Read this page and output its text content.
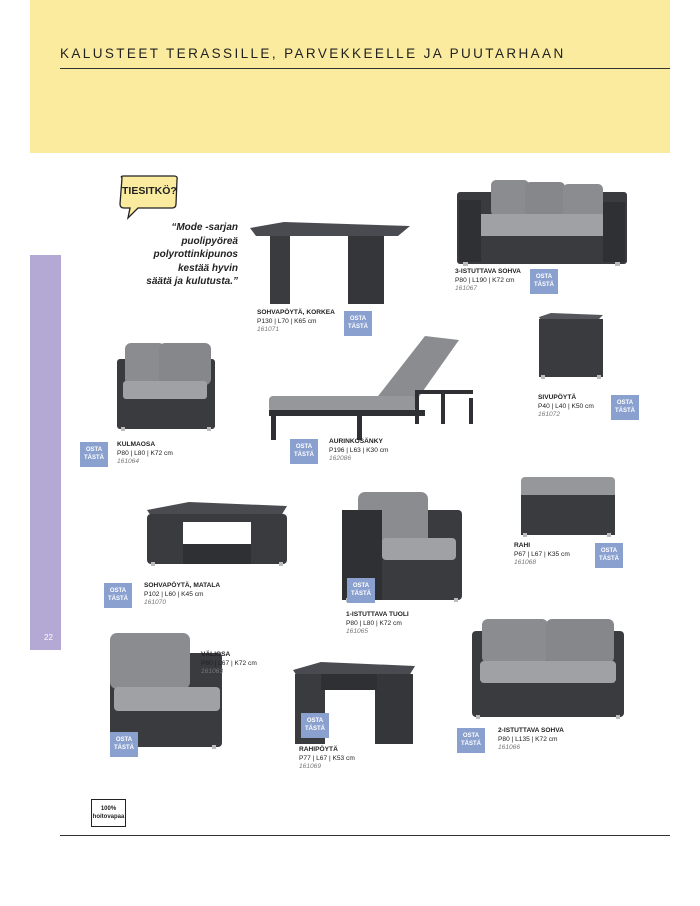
KALUSTEET TERASSILLE, PARVEKKEELLE JA PUUTARHAAN
22
TIESITKÖ?
“Mode -sarjan
puolipyöreä
polyrottinkipunos
kestää hyvin
säätä ja kulutusta.”
3-ISTUTTAVA SOHVA
P80 | L190 | K72 cm
161067
OSTA
TÄSTÄ
SOHVAPÖYTÄ, KORKEA
P130 | L70 | K65 cm
161071
OSTA
TÄSTÄ
SIVUPÖYTÄ
P40 | L40 | K50 cm
161072
OSTA
TÄSTÄ
KULMAOSA
P80 | L80 | K72 cm
161064
OSTA
TÄSTÄ
AURINKOSÄNKY
P196 | L63 | K30 cm
162086
OSTA
TÄSTÄ
RAHI
P67 | L67 | K35 cm
161068
OSTA
TÄSTÄ
SOHVAPÖYTÄ, MATALA
P102 | L60 | K45 cm
161070
OSTA
TÄSTÄ
1-ISTUTTAVA TUOLI
P80 | L80 | K72 cm
161065
OSTA
TÄSTÄ
VÄLIOSA
P80 | L67 | K72 cm
161063
OSTA
TÄSTÄ	RAHIPÖYTÄ
P77 | L67 | K53 cm
161069
OSTA
TÄSTÄ	2-ISTUTTAVA SOHVA
P80 | L135 | K72 cm
161066
OSTA
TÄSTÄ
100%
hoitovapaa
